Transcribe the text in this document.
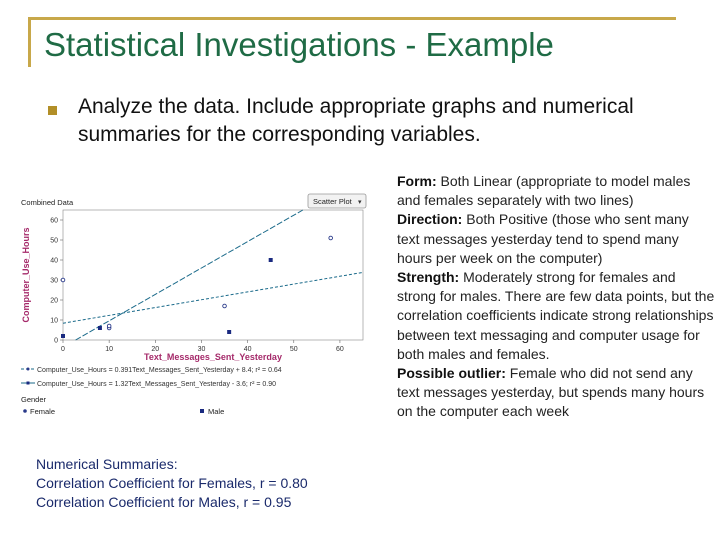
Statistical Investigations - Example
Analyze the data. Include appropriate graphs and numerical summaries for the corresponding variables.
Combined Data	Scatter Plot ▾
0
10
20
30
40
50
60
0	10	20	30	40	50	60
Text_Messages_Sent_Yesterday
Computer_Use_Hours
Computer_Use_Hours = 0.391Text_Messages_Sent_Yesterday + 8.4; r² = 0.64
Computer_Use_Hours = 1.32Text_Messages_Sent_Yesterday - 3.6; r² = 0.90
Gender
Female	Male
Numerical Summaries:
Correlation Coefficient for Females, r = 0.80
Correlation Coefficient for Males, r = 0.95

Form: Both Linear (appropriate to model males and females separately with two lines)

Direction: Both Positive (those who sent many text messages yesterday tend to spend many hours per week on the computer)

Strength: Moderately strong for females and strong for males. There are few data points, but the correlation coefficients indicate strong relationships between text messaging and computer usage for both males and females.

Possible outlier: Female who did not send any text messages yesterday, but spends many hours on the computer each week
